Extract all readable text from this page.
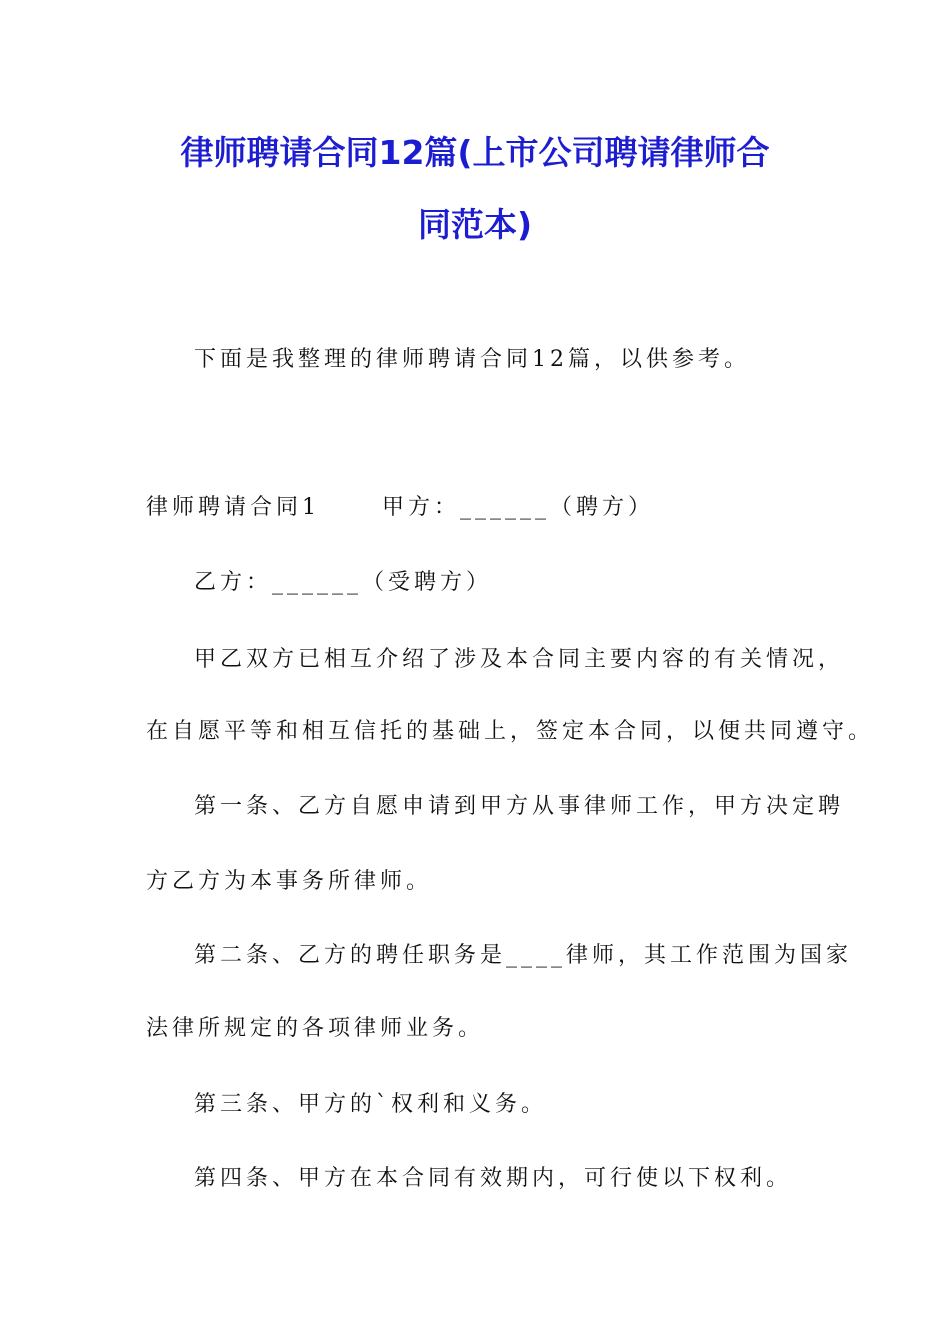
律师聘请合同12篇(上市公司聘请律师合
同范本)
下面是我整理的律师聘请合同12篇，以供参考。
律师聘请合同1	甲方：______（聘方）
乙方：______（受聘方）
甲乙双方已相互介绍了涉及本合同主要内容的有关情况，
在自愿平等和相互信托的基础上，签定本合同，以便共同遵守。
第一条、乙方自愿申请到甲方从事律师工作，甲方决定聘
方乙方为本事务所律师。
第二条、乙方的聘任职务是____律师，其工作范围为国家
法律所规定的各项律师业务。
第三条、甲方的`权利和义务。
第四条、甲方在本合同有效期内，可行使以下权利。
